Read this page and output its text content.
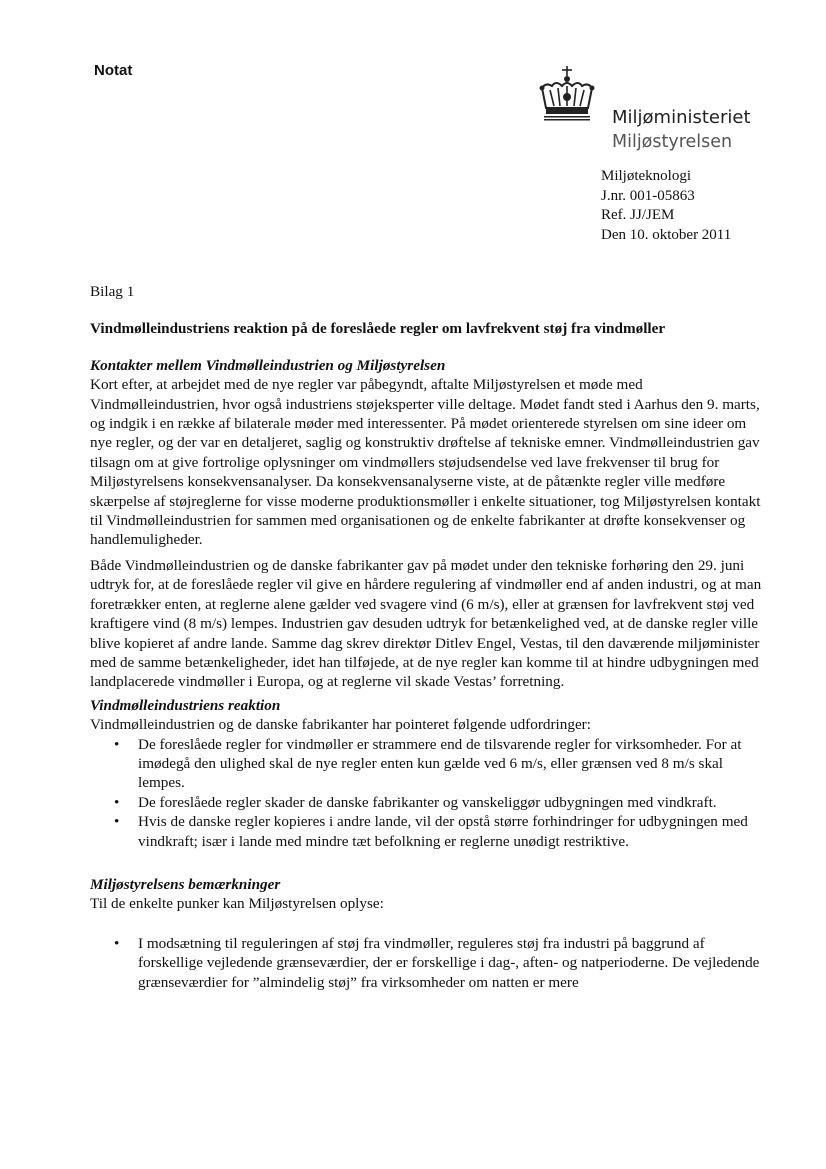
Notat
Miljøministeriet
Miljøstyrelsen
Miljøteknologi
J.nr. 001-05863
Ref. JJ/JEM
Den 10. oktober 2011

Bilag 1

Vindmølleindustriens reaktion på de foreslåede regler om lavfrekvent støj fra vindmøller

Kontakter mellem Vindmølleindustrien og Miljøstyrelsen

Kort efter, at arbejdet med de nye regler var påbegyndt, aftalte Miljøstyrelsen et møde med Vindmølleindustrien, hvor også industriens støjeksperter ville deltage. Mødet fandt sted i Aarhus den 9. marts, og indgik i en række af bilaterale møder med interessenter. På mødet orienterede styrelsen om sine ideer om nye regler, og der var en detaljeret, saglig og konstruktiv drøftelse af tekniske emner. Vindmølleindustrien gav tilsagn om at give fortrolige oplysninger om vindmøllers støjudsendelse ved lave frekvenser til brug for Miljøstyrelsens konsekvensanalyser. Da konsekvensanalyserne viste, at de påtænkte regler ville medføre skærpelse af støjreglerne for visse moderne produktionsmøller i enkelte situationer, tog Miljøstyrelsen kontakt til Vindmølleindustrien for sammen med organisationen og de enkelte fabrikanter at drøfte konsekvenser og handlemuligheder.

Både Vindmølleindustrien og de danske fabrikanter gav på mødet under den tekniske forhøring den 29. juni udtryk for, at de foreslåede regler vil give en hårdere regulering af vindmøller end af anden industri, og at man foretrækker enten, at reglerne alene gælder ved svagere vind (6 m/s), eller at grænsen for lavfrekvent støj ved kraftigere vind (8 m/s) lempes. Industrien gav desuden udtryk for betænkelighed ved, at de danske regler ville blive kopieret af andre lande. Samme dag skrev direktør Ditlev Engel, Vestas, til den daværende miljøminister med de samme betænkeligheder, idet han tilføjede, at de nye regler kan komme til at hindre udbygningen med landplacerede vindmøller i Europa, og at reglerne vil skade Vestas’ forretning.

Vindmølleindustriens reaktion

Vindmølleindustrien og de danske fabrikanter har pointeret følgende udfordringer:

• De foreslåede regler for vindmøller er strammere end de tilsvarende regler for virksomheder. For at imødegå den ulighed skal de nye regler enten kun gælde ved 6 m/s, eller grænsen ved 8 m/s skal lempes.
• De foreslåede regler skader de danske fabrikanter og vanskeliggør udbygningen med vindkraft.
• Hvis de danske regler kopieres i andre lande, vil der opstå større forhindringer for udbygningen med vindkraft; især i lande med mindre tæt befolkning er reglerne unødigt restriktive.

Miljøstyrelsens bemærkninger

Til de enkelte punker kan Miljøstyrelsen oplyse:

• I modsætning til reguleringen af støj fra vindmøller, reguleres støj fra industri på baggrund af forskellige vejledende grænseværdier, der er forskellige i dag-, aften- og natperioderne. De vejledende grænseværdier for ”almindelig støj” fra virksomheder om natten er mere
